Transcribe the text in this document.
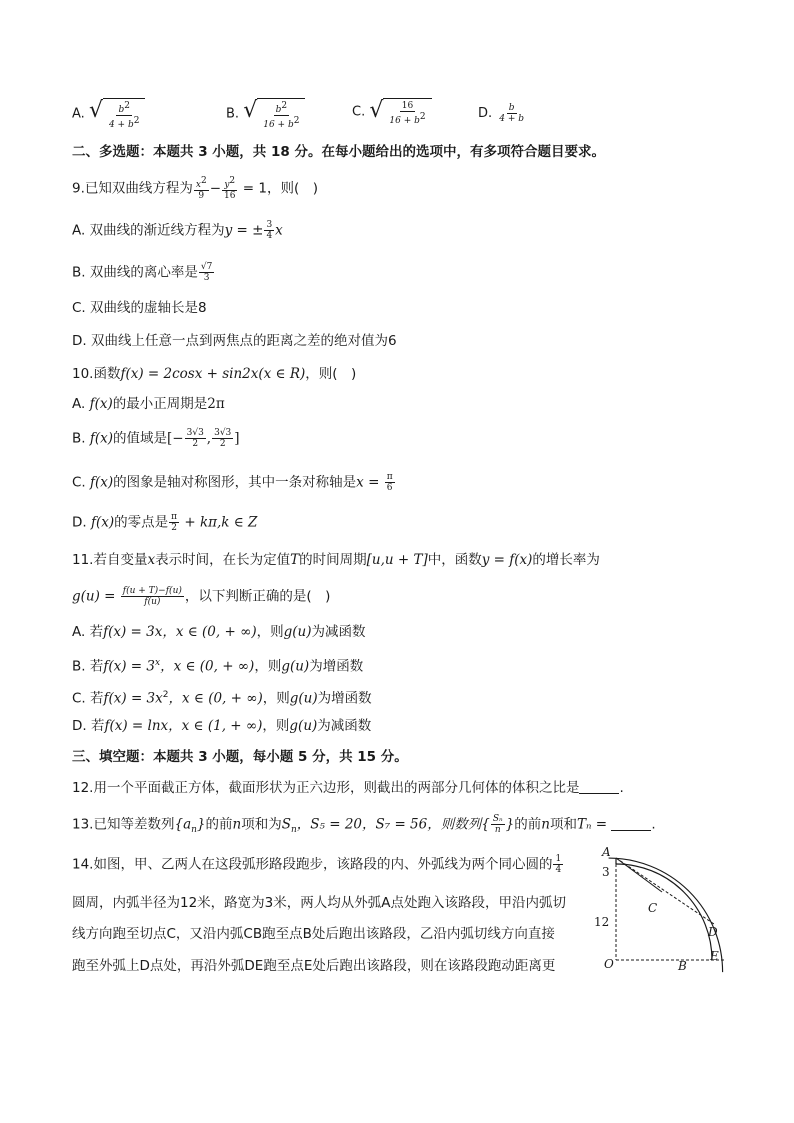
A. √ $\frac{b^2}{4 + b^2}$	B. √ $\frac{b^2}{16 + b^2}$	C. √ $\frac{16}{16 + b^2}$	D. $\frac{b}{4 + b}$
二、多选题：本题共 3 小题，共 18 分。在每小题给出的选项中，有多项符合题目要求。
9.已知双曲线方程为 $\frac{x^2}{9} - \frac{y^2}{16} = 1$，则(　)
A. 双曲线的渐近线方程为y = ± $\frac{3}{4}$ x
B. 双曲线的离心率是 $\frac{√7}{3}$
C. 双曲线的虚轴长是8
D. 双曲线上任意一点到两焦点的距离之差的绝对值为6
10.函数f(x) = 2cosx + sin2x(x ∈ R)，则(　)
A. f(x)的最小正周期是2π
B. f(x)的值域是[− $\frac{3√3}{2}$ , $\frac{3√3}{2}$ ]
C. f(x)的图象是轴对称图形，其中一条对称轴是$x = \frac{\pi}{6}$
D. f(x)的零点是 $\frac{\pi}{2} + k\pi,k$ ∈ Z
11.若自变量x表示时间，在长为定值T的时间周期[u,u + T]中，函数y = f(x)的增长率为
$g(u) = \frac{f(u + T)-f(u)}{f(u)}$ ，以下判断正确的是(　)
A. 若f(x) = 3x，x ∈ (0, + ∞)，则g(u)为减函数
B. 若$f(x) = 3^x$，x ∈ (0, + ∞)，则g(u)为增函数
C. 若$f(x) = 3x^2$，x ∈ (0, + ∞)，则g(u)为增函数
D. 若f(x) = lnx，x ∈ (1, + ∞)，则g(u)为减函数
三、填空题：本题共 3 小题，每小题 5 分，共 15 分。
12.用一个平面截正方体，截面形状为正六边形，则截出的两部分几何体的体积之比是	.
13.已知等差数列$\{a_n\}$的前n项和为$S_n$，S₅ = 20，S₇ = 56，则数列{ $\frac{\text{Sₙ}}{n}$ }的前n项和Tₙ =	.
14.如图，甲、乙两人在这段弧形路段跑步，该路段的内、外弧线为两个同心圆的 $\frac{1}{4}$
圆周，内弧半径为12米，路宽为3米，两人均从外弧A点处跑入该路段，甲沿内弧切
线方向跑至切点C，又沿内弧CB跑至点B处后跑出该路段，乙沿内弧切线方向直接
跑至外弧上D点处，再沿外弧DE跑至点E处后跑出该路段，则在该路段跑动距离更
A
3
12
C
D
O	B
E
